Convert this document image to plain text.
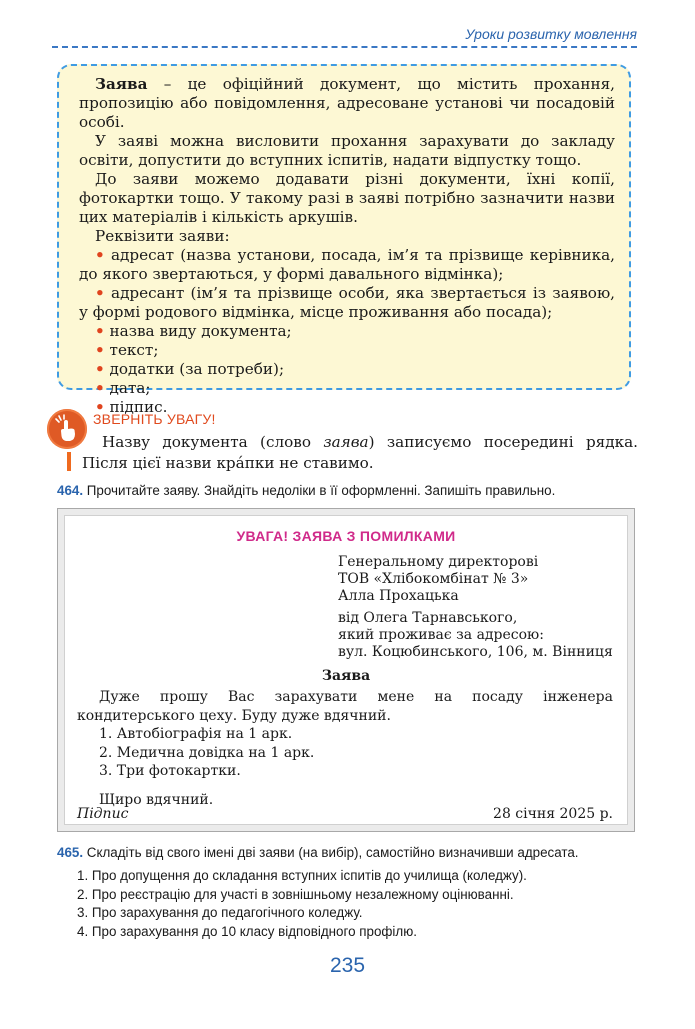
Уроки розвитку мовлення

Заява – це офіційний документ, що містить прохання, пропозицію або повідомлення, адресоване установі чи посадовій особі.

У заяві можна висловити прохання зарахувати до закладу освіти, допустити до вступних іспитів, надати відпустку тощо.

До заяви можемо додавати різні документи, їхні копії, фотокартки тощо. У такому разі в заяві потрібно зазначити назви цих матеріалів і кількість аркушів.

Реквізити заяви:

• адресат (назва установи, посада, ім’я та прізвище керівника, до якого звертаються, у формі давального відмінка);
• адресант (ім’я та прізвище особи, яка звертається із заявою, у формі родового відмінка, місце проживання або посада);
• назва виду документа;
• текст;
• додатки (за потреби);
• дата;
• підпис.
ЗВЕРНІТЬ УВАГУ!

Назву документа (слово заява) записуємо посередині рядка. Після цієї назви кра́пки не ставимо.

464. Прочитайте заяву. Знайдіть недоліки в її оформленні. Запишіть правильно.
УВАГА! ЗАЯВА З ПОМИЛКАМИ
Генеральному директорові
ТОВ «Хлібокомбінат № 3»
Алла Прохацька
від Олега Тарнавського,
який проживає за адресою:
вул. Коцюбинського, 106, м. Вінниця
Заява

Дуже прошу Вас зарахувати мене на посаду інженера кондитерського цеху. Буду дуже вдячний.

1. Автобіографія на 1 арк.
2. Медична довідка на 1 арк.
3. Три фотокартки.
Щиро вдячний.
Підпис	28 січня 2025 р.
465. Складіть від свого імені дві заяви (на вибір), самостійно визначивши адресата.
1. Про допущення до складання вступних іспитів до училища (коледжу).
2. Про реєстрацію для участі в зовнішньому незалежному оцінюванні.
3. Про зарахування до педагогічного коледжу.
4. Про зарахування до 10 класу відповідного профілю.
235
